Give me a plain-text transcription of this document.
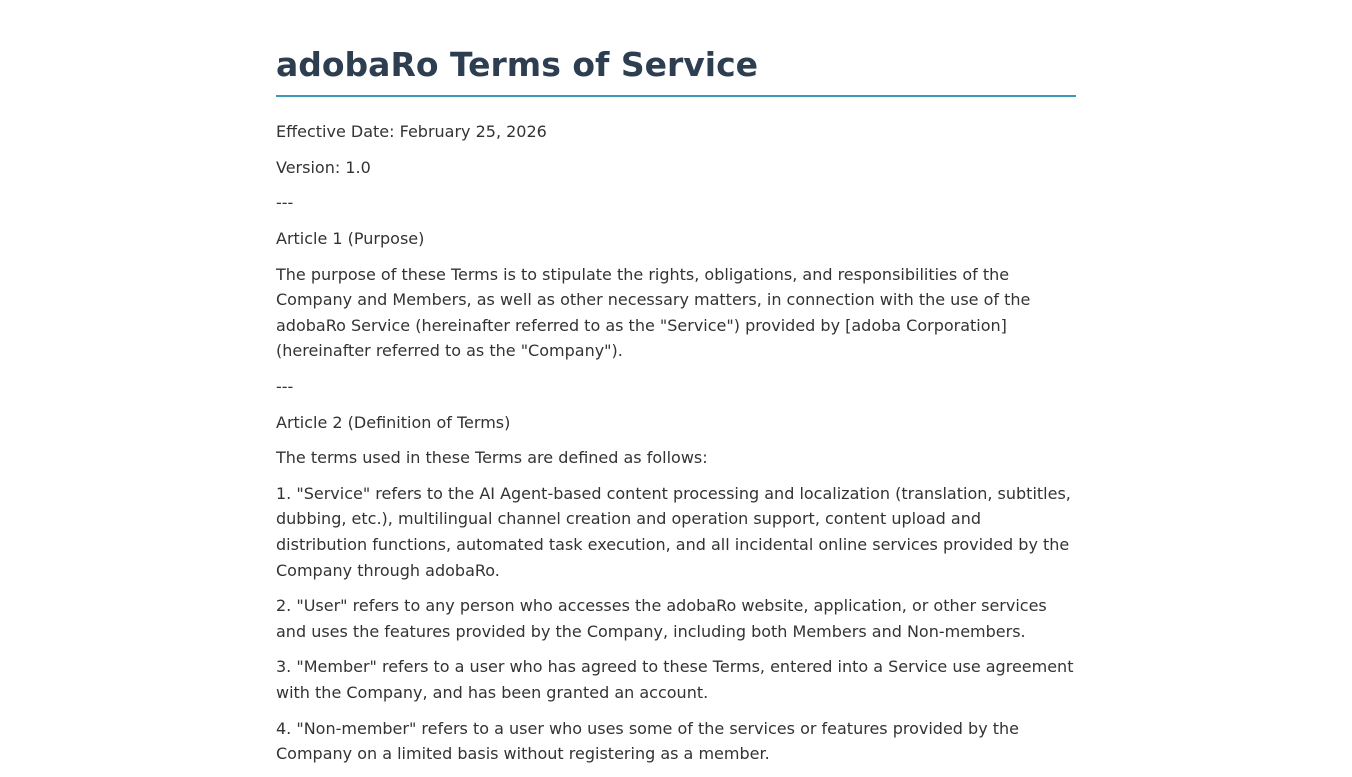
adobaRo Terms of Service

Effective Date: February 25, 2026

Version: 1.0

---

Article 1 (Purpose)

The purpose of these Terms is to stipulate the rights, obligations, and responsibilities of the Company and Members, as well as other necessary matters, in connection with the use of the adobaRo Service (hereinafter referred to as the "Service") provided by [adoba Corporation] (hereinafter referred to as the "Company").

---

Article 2 (Definition of Terms)

The terms used in these Terms are defined as follows:

1. "Service" refers to the AI Agent-based content processing and localization (translation, subtitles, dubbing, etc.), multilingual channel creation and operation support, content upload and distribution functions, automated task execution, and all incidental online services provided by the Company through adobaRo.

2. "User" refers to any person who accesses the adobaRo website, application, or other services and uses the features provided by the Company, including both Members and Non-members.

3. "Member" refers to a user who has agreed to these Terms, entered into a Service use agreement with the Company, and has been granted an account.

4. "Non-member" refers to a user who uses some of the services or features provided by the Company on a limited basis without registering as a member.
